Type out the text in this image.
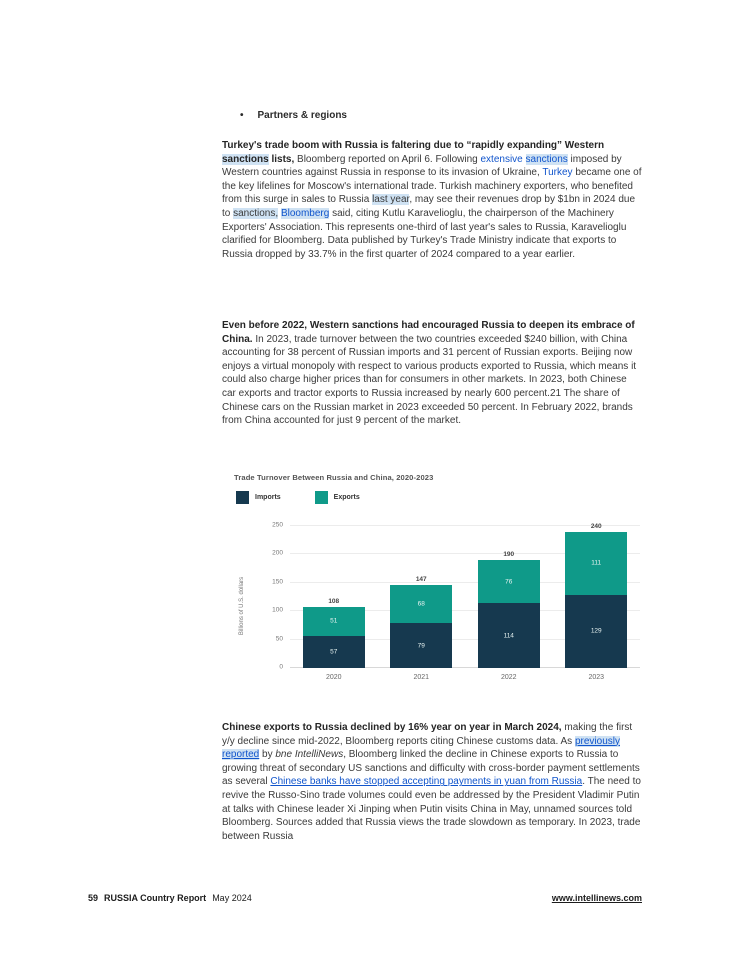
• Partners & regions
Turkey's trade boom with Russia is faltering due to “rapidly expanding” Western sanctions lists, Bloomberg reported on April 6. Following extensive sanctions imposed by Western countries against Russia in response to its invasion of Ukraine, Turkey became one of the key lifelines for Moscow's international trade. Turkish machinery exporters, who benefited from this surge in sales to Russia last year, may see their revenues drop by $1bn in 2024 due to sanctions, Bloomberg said, citing Kutlu Karavelioglu, the chairperson of the Machinery Exporters' Association. This represents one-third of last year's sales to Russia, Karavelioglu clarified for Bloomberg. Data published by Turkey's Trade Ministry indicate that exports to Russia dropped by 33.7% in the first quarter of 2024 compared to a year earlier.
Even before 2022, Western sanctions had encouraged Russia to deepen its embrace of China. In 2023, trade turnover between the two countries exceeded $240 billion, with China accounting for 38 percent of Russian imports and 31 percent of Russian exports. Beijing now enjoys a virtual monopoly with respect to various products exported to Russia, which means it could also charge higher prices than for consumers in other markets. In 2023, both Chinese car exports and tractor exports to Russia increased by nearly 600 percent.21 The share of Chinese cars on the Russian market in 2023 exceeded 50 percent. In February 2022, brands from China accounted for just 9 percent of the market.
Chinese exports to Russia declined by 16% year on year in March 2024, making the first y/y decline since mid-2022, Bloomberg reports citing Chinese customs data. As previously reported by bne IntelliNews, Bloomberg linked the decline in Chinese exports to Russia to growing threat of secondary US sanctions and difficulty with cross-border payment settlements as several Chinese banks have stopped accepting payments in yuan from Russia. The need to revive the Russo-Sino trade volumes could even be addressed by the President Vladimir Putin at talks with Chinese leader Xi Jinping when Putin visits China in May, unnamed sources told Bloomberg. Sources added that Russia views the trade slowdown as temporary. In 2023, trade between Russia
Trade Turnover Between Russia and China, 2020-2023
Imports	Exports
Billions of U.S. dollars
0
50
100
150
200
250
108
51
57
147
68
79
190
76
114
240
111
129
2020	2021	2022	2023
59 RUSSIA Country Report May 2024	www.intellinews.com
